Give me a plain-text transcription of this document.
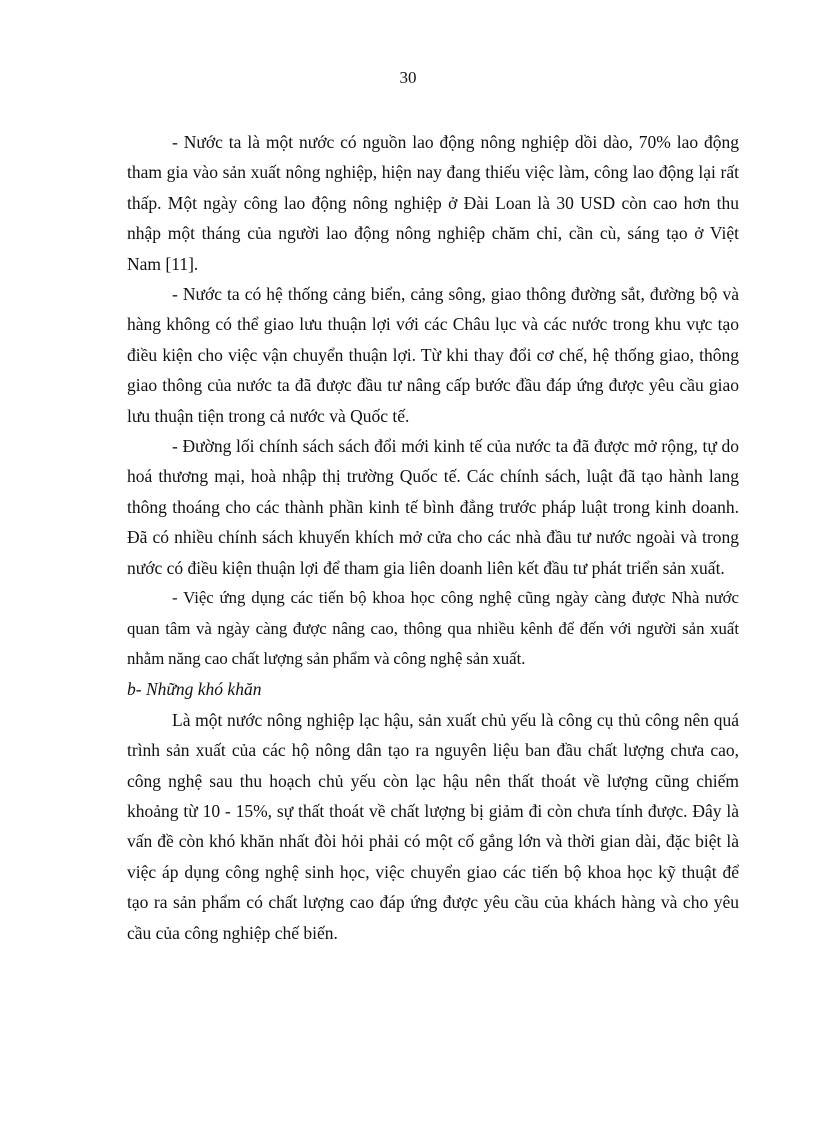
30

- Nước ta là một nước có nguồn lao động nông nghiệp dồi dào, 70% lao động tham gia vào sản xuất nông nghiệp, hiện nay đang thiếu việc làm, công lao động lại rất thấp. Một ngày công lao động nông nghiệp ở Đài Loan là 30 USD còn cao hơn thu nhập một tháng của người lao động nông nghiệp chăm chỉ, cần cù, sáng tạo ở Việt Nam [11].

- Nước ta có hệ thống cảng biển, cảng sông, giao thông đường sắt, đường bộ và hàng không có thể giao lưu thuận lợi với các Châu lục và các nước trong khu vực tạo điều kiện cho việc vận chuyển thuận lợi. Từ khi thay đổi cơ chế, hệ thống giao, thông giao thông của nước ta đã được đầu tư nâng cấp bước đầu đáp ứng được yêu cầu giao lưu thuận tiện trong cả nước và Quốc tế.

- Đường lối chính sách sách đổi mới kinh tế của nước ta đã được mở rộng, tự do hoá thương mại, hoà nhập thị trường Quốc tế. Các chính sách, luật đã tạo hành lang thông thoáng cho các thành phần kinh tế bình đẳng trước pháp luật trong kinh doanh. Đã có nhiều chính sách khuyến khích mở cửa cho các nhà đầu tư nước ngoài và trong nước có điều kiện thuận lợi để tham gia liên doanh liên kết đầu tư phát triển sản xuất.

- Việc ứng dụng các tiến bộ khoa học công nghệ cũng ngày càng được Nhà nước quan tâm và ngày càng được nâng cao, thông qua nhiều kênh để đến với người sản xuất nhằm năng cao chất lượng sản phẩm và công nghệ sản xuất.

b- Những khó khăn

Là một nước nông nghiệp lạc hậu, sản xuất chủ yếu là công cụ thủ công nên quá trình sản xuất của các hộ nông dân tạo ra nguyên liệu ban đầu chất lượng chưa cao, công nghệ sau thu hoạch chủ yếu còn lạc hậu nên thất thoát về lượng cũng chiếm khoảng từ 10 - 15%, sự thất thoát về chất lượng bị giảm đi còn chưa tính được. Đây là vấn đề còn khó khăn nhất đòi hỏi phải có một cố gắng lớn và thời gian dài, đặc biệt là việc áp dụng công nghệ sinh học, việc chuyển giao các tiến bộ khoa học kỹ thuật để tạo ra sản phẩm có chất lượng cao đáp ứng được yêu cầu của khách hàng và cho yêu cầu của công nghiệp chế biến.
